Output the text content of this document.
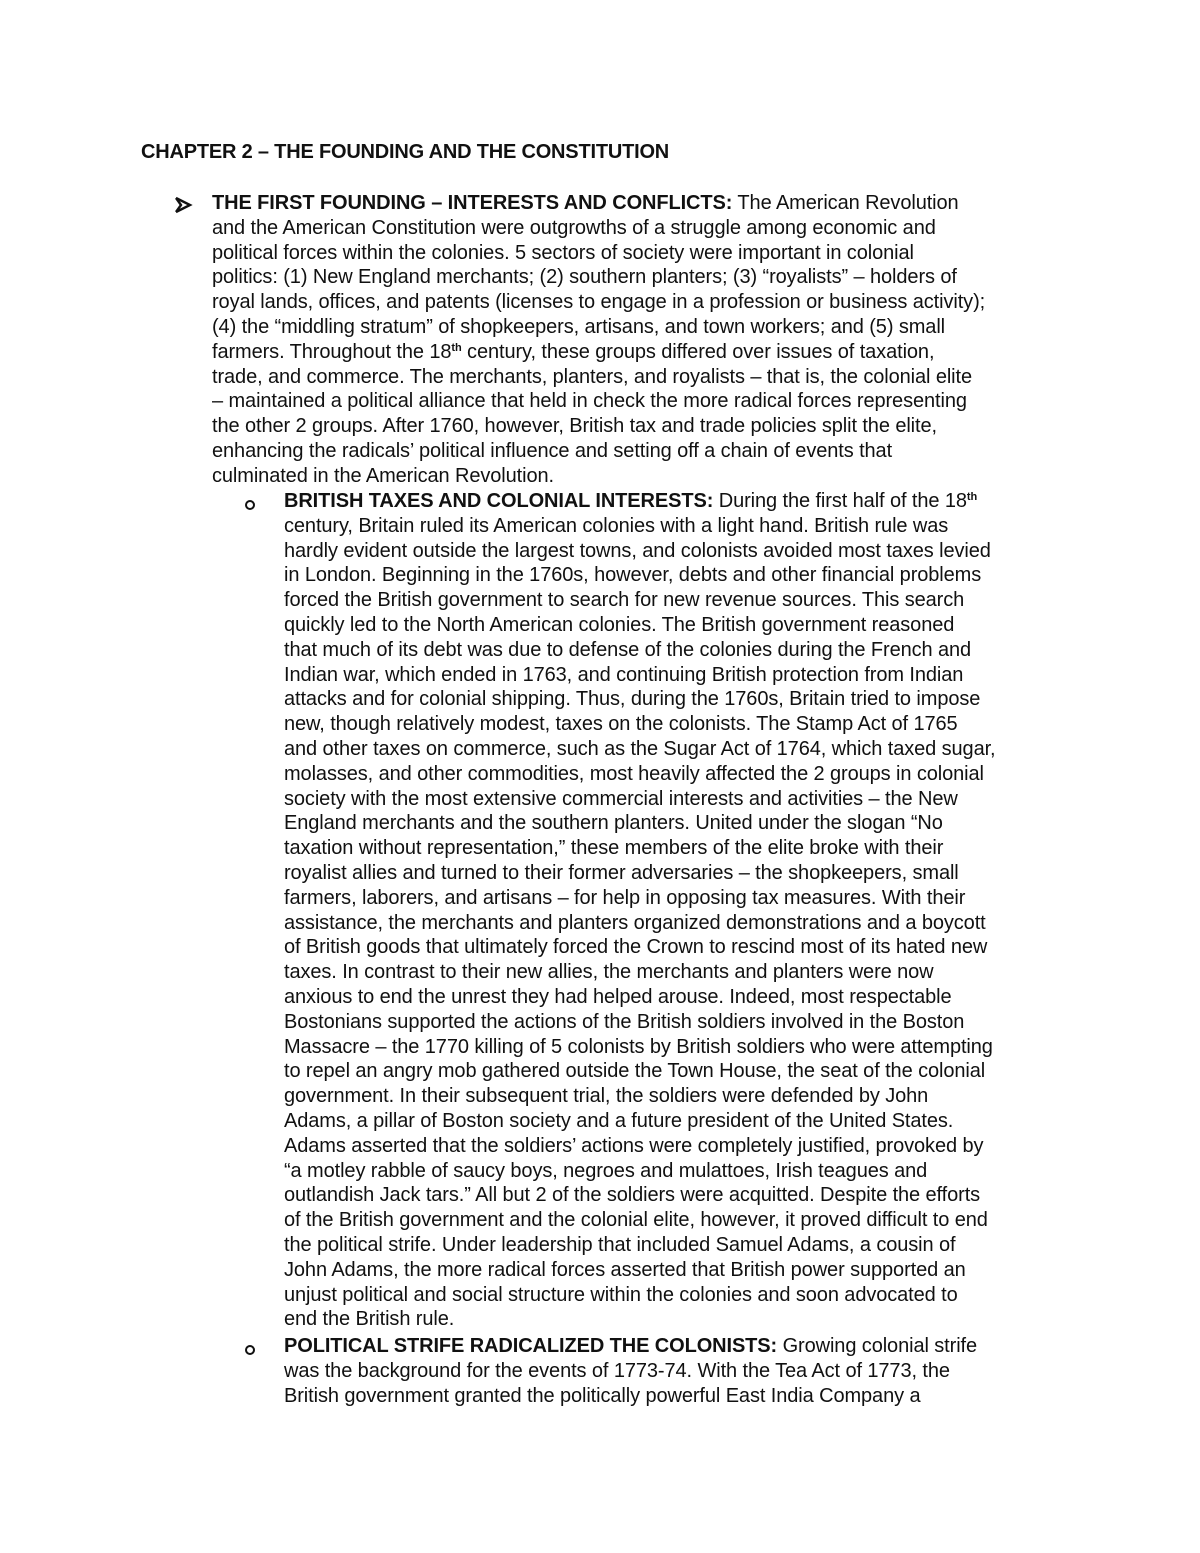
CHAPTER 2 – THE FOUNDING AND THE CONSTITUTION
THE FIRST FOUNDING – INTERESTS AND CONFLICTS: The American Revolution
and the American Constitution were outgrowths of a struggle among economic and
political forces within the colonies. 5 sectors of society were important in colonial
politics: (1) New England merchants; (2) southern planters; (3) “royalists” – holders of
royal lands, offices, and patents (licenses to engage in a profession or business activity);
(4) the “middling stratum” of shopkeepers, artisans, and town workers; and (5) small
farmers. Throughout the 18th century, these groups differed over issues of taxation,
trade, and commerce. The merchants, planters, and royalists – that is, the colonial elite
– maintained a political alliance that held in check the more radical forces representing
the other 2 groups. After 1760, however, British tax and trade policies split the elite,
enhancing the radicals’ political influence and setting off a chain of events that
culminated in the American Revolution.
BRITISH TAXES AND COLONIAL INTERESTS: During the first half of the 18th
century, Britain ruled its American colonies with a light hand. British rule was
hardly evident outside the largest towns, and colonists avoided most taxes levied
in London. Beginning in the 1760s, however, debts and other financial problems
forced the British government to search for new revenue sources. This search
quickly led to the North American colonies. The British government reasoned
that much of its debt was due to defense of the colonies during the French and
Indian war, which ended in 1763, and continuing British protection from Indian
attacks and for colonial shipping. Thus, during the 1760s, Britain tried to impose
new, though relatively modest, taxes on the colonists. The Stamp Act of 1765
and other taxes on commerce, such as the Sugar Act of 1764, which taxed sugar,
molasses, and other commodities, most heavily affected the 2 groups in colonial
society with the most extensive commercial interests and activities – the New
England merchants and the southern planters. United under the slogan “No
taxation without representation,” these members of the elite broke with their
royalist allies and turned to their former adversaries – the shopkeepers, small
farmers, laborers, and artisans – for help in opposing tax measures. With their
assistance, the merchants and planters organized demonstrations and a boycott
of British goods that ultimately forced the Crown to rescind most of its hated new
taxes. In contrast to their new allies, the merchants and planters were now
anxious to end the unrest they had helped arouse. Indeed, most respectable
Bostonians supported the actions of the British soldiers involved in the Boston
Massacre – the 1770 killing of 5 colonists by British soldiers who were attempting
to repel an angry mob gathered outside the Town House, the seat of the colonial
government. In their subsequent trial, the soldiers were defended by John
Adams, a pillar of Boston society and a future president of the United States.
Adams asserted that the soldiers’ actions were completely justified, provoked by
“a motley rabble of saucy boys, negroes and mulattoes, Irish teagues and
outlandish Jack tars.” All but 2 of the soldiers were acquitted. Despite the efforts
of the British government and the colonial elite, however, it proved difficult to end
the political strife. Under leadership that included Samuel Adams, a cousin of
John Adams, the more radical forces asserted that British power supported an
unjust political and social structure within the colonies and soon advocated to
end the British rule.
POLITICAL STRIFE RADICALIZED THE COLONISTS: Growing colonial strife
was the background for the events of 1773-74. With the Tea Act of 1773, the
British government granted the politically powerful East India Company a
